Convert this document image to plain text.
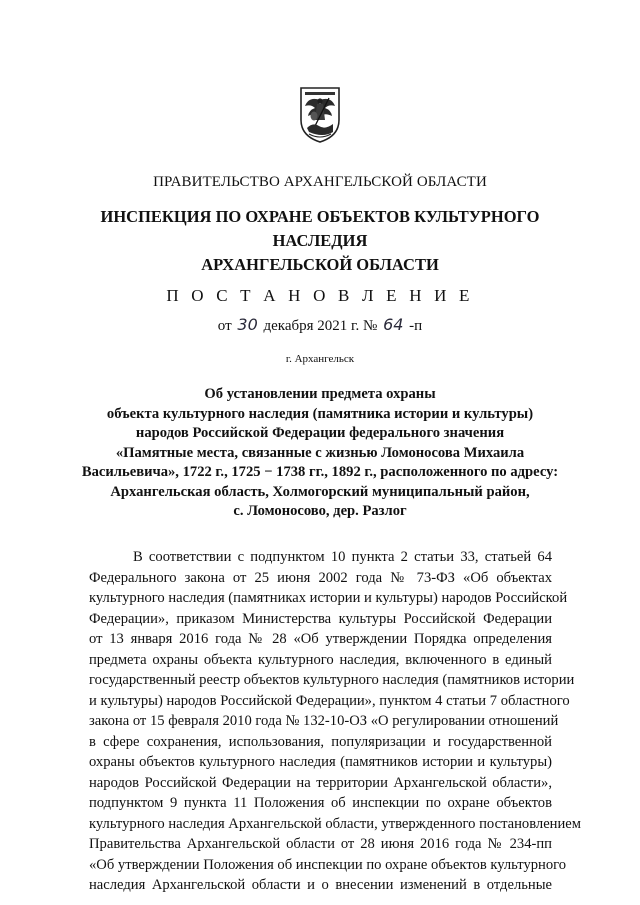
ПРАВИТЕЛЬСТВО АРХАНГЕЛЬСКОЙ ОБЛАСТИ
ИНСПЕКЦИЯ ПО ОХРАНЕ ОБЪЕКТОВ КУЛЬТУРНОГО НАСЛЕДИЯ
АРХАНГЕЛЬСКОЙ ОБЛАСТИ
П О С Т А Н О В Л Е Н И Е
от 30 декабря 2021 г. № 64 -п
г. Архангельск
Об установлении предмета охраны
объекта культурного наследия (памятника истории и культуры)
народов Российской Федерации федерального значения
«Памятные места, связанные с жизнью Ломоносова Михаила
Васильевича», 1722 г., 1725 − 1738 гг., 1892 г., расположенного по адресу:
Архангельская область, Холмогорский муниципальный район,
с. Ломоносово, дер. Разлог
В соответствии с подпунктом 10 пункта 2 статьи 33, статьей 64
Федерального закона от 25 июня 2002 года № 73-ФЗ «Об объектах
культурного наследия (памятниках истории и культуры) народов Российской
Федерации», приказом Министерства культуры Российской Федерации
от 13 января 2016 года № 28 «Об утверждении Порядка определения
предмета охраны объекта культурного наследия, включенного в единый
государственный реестр объектов культурного наследия (памятников истории
и культуры) народов Российской Федерации», пунктом 4 статьи 7 областного
закона от 15 февраля 2010 года № 132-10-ОЗ «О регулировании отношений
в сфере сохранения, использования, популяризации и государственной
охраны объектов культурного наследия (памятников истории и культуры)
народов Российской Федерации на территории Архангельской области»,
подпунктом 9 пункта 11 Положения об инспекции по охране объектов
культурного наследия Архангельской области, утвержденного постановлением
Правительства Архангельской области от 28 июня 2016 года № 234-пп
«Об утверждении Положения об инспекции по охране объектов культурного
наследия Архангельской области и о внесении изменений в отдельные
